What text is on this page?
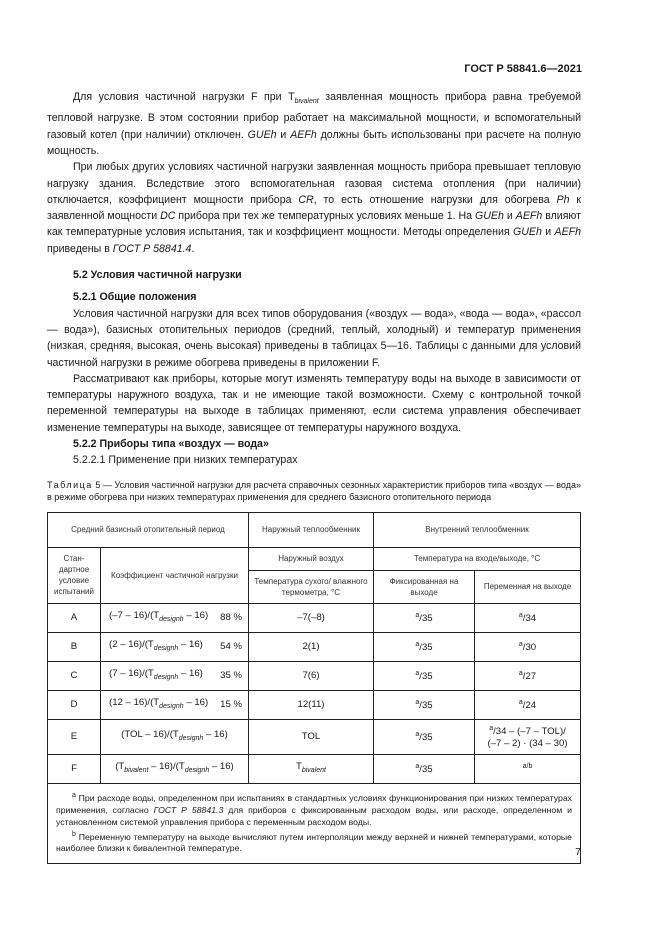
ГОСТ Р 58841.6—2021

Для условия частичной нагрузки F при $T_{bivalent}$ заявленная мощность прибора равна требуемой тепловой нагрузке. В этом состоянии прибор работает на максимальной мощности, и вспомогательный газовый котел (при наличии) отключен. GUEh и AEFh должны быть использованы при расчете на полную мощность.

При любых других условиях частичной нагрузки заявленная мощность прибора превышает тепловую нагрузку здания. Вследствие этого вспомогательная газовая система отопления (при наличии) отключается, коэффициент мощности прибора CR, то есть отношение нагрузки для обогрева Ph к заявленной мощности DC прибора при тех же температурных условиях меньше 1. На GUEh и AEFh влияют как температурные условия испытания, так и коэффициент мощности. Методы определения GUEh и AEFh приведены в ГОСТ Р 58841.4.

5.2 Условия частичной нагрузки
5.2.1 Общие положения

Условия частичной нагрузки для всех типов оборудования («воздух — вода», «вода — вода», «рассол — вода»), базисных отопительных периодов (средний, теплый, холодный) и температур применения (низкая, средняя, высокая, очень высокая) приведены в таблицах 5—16. Таблицы с данными для условий частичной нагрузки в режиме обогрева приведены в приложении F.

Рассматривают как приборы, которые могут изменять температуру воды на выходе в зависимости от температуры наружного воздуха, так и не имеющие такой возможности. Схему с контрольной точкой переменной температуры на выходе в таблицах применяют, если система управления обеспечивает изменение температуры на выходе, зависящее от температуры наружного воздуха.

5.2.2 Приборы типа «воздух — вода»
5.2.2.1 Применение при низких температурах
Таблица 5 — Условия частичной нагрузки для расчета справочных сезонных характеристик приборов типа «воздух — вода» в режиме обогрева при низких температурах применения для среднего базисного отопительного периода
Средний базисный отопительный период			Наружный теплообменник	Внутренний теплообменник	
Стан-дартное условие испытаний	Коэффициент частичной нагрузки		Наружный воздух	Температура на входе/выходе, °С	
			Температура сухого/ влажного термометра, °С	Фиксированная на выходе	Переменная на выходе
A	$(-7 - 16)/(T_{designh} - 16)$	88 %	–7(–8)	$^a$/35	$^a$/34
B	$(2 - 16)/(T_{designh} - 16)$	54 %	2(1)	$^a$/35	$^a$/30
C	$(7 - 16)/(T_{designh} - 16)$	35 %	7(6)	$^a$/35	$^a$/27
D	$(12 - 16)/(T_{designh} - 16)$	15 %	12(11)	$^a$/35	$^a$/24
E	$(TOL - 16)/(T_{designh} - 16)$		TOL	$^a$/35	$^a$/34 – (–7 – TOL)/
(–7 – 2) · (34 – 30)
F	$(T_{bivalent} - 16)/(T_{designh} - 16)$		$T_{bivalent}$	$^a$/35	$^{a/b}$

$^a$ При расходе воды, определенном при испытаниях в стандартных условиях функционирования при низких температурах применения, согласно ГОСТ Р 58841.3 для приборов с фиксированным расходом воды, или расходе, определенном и установленном системой управления прибора с переменным расходом воды.
$^b$ Переменную температуру на выходе вычисляют путем интерполяции между верхней и нижней температурами, которые наиболее близки к бивалентной температуре.						7
